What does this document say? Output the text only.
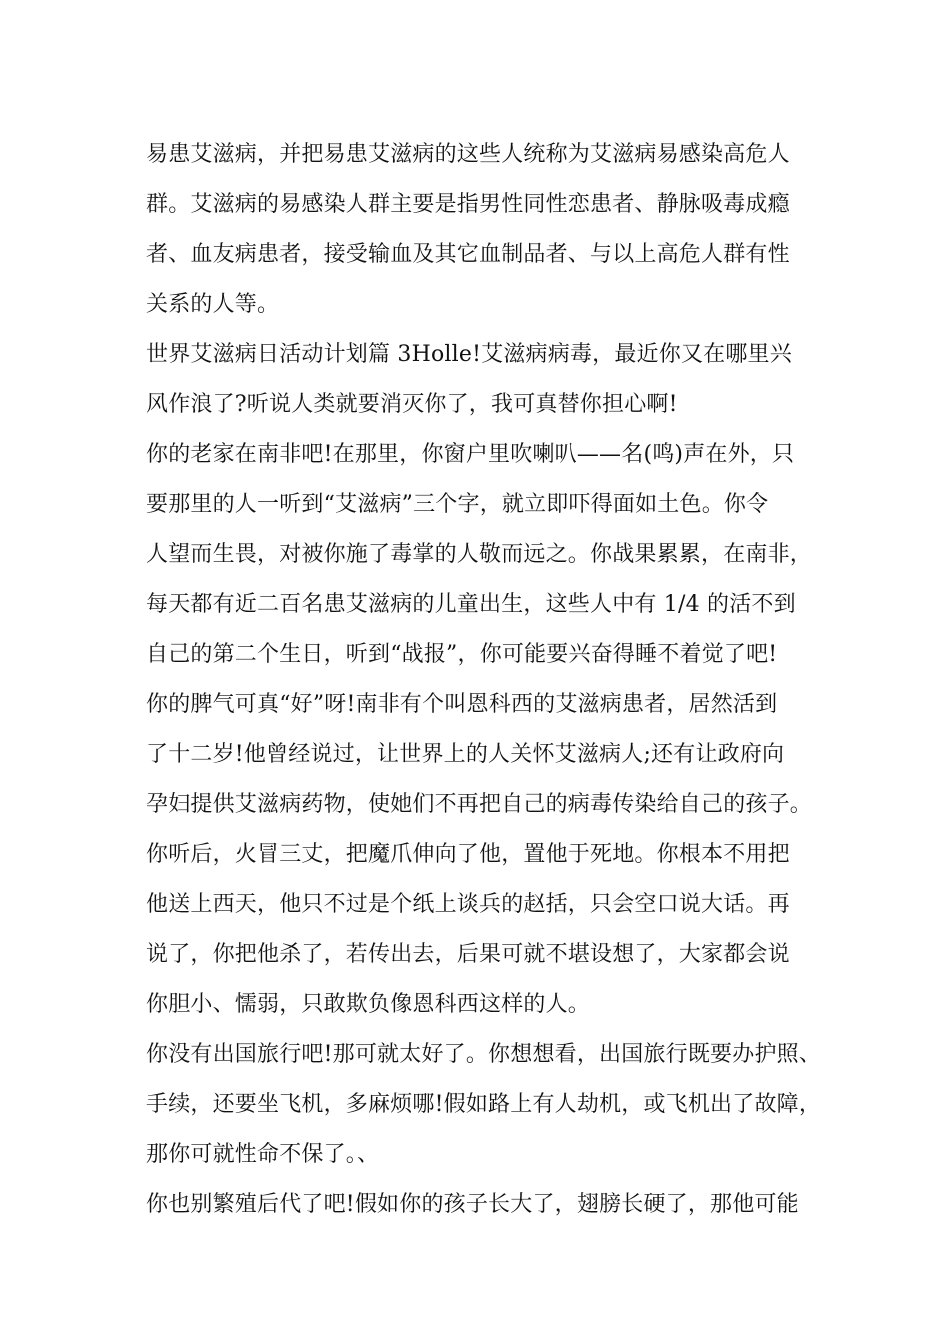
易患艾滋病，并把易患艾滋病的这些人统称为艾滋病易感染高危人
群。艾滋病的易感染人群主要是指男性同性恋患者、静脉吸毒成瘾
者、血友病患者，接受输血及其它血制品者、与以上高危人群有性
关系的人等。
世界艾滋病日活动计划篇 3Holle!艾滋病病毒，最近你又在哪里兴
风作浪了?听说人类就要消灭你了，我可真替你担心啊!
你的老家在南非吧!在那里，你窗户里吹喇叭——名(鸣)声在外，只
要那里的人一听到“艾滋病”三个字，就立即吓得面如土色。你令
人望而生畏，对被你施了毒掌的人敬而远之。你战果累累，在南非，
每天都有近二百名患艾滋病的儿童出生，这些人中有 1/4 的活不到
自己的第二个生日，听到“战报”，你可能要兴奋得睡不着觉了吧!
你的脾气可真“好”呀!南非有个叫恩科西的艾滋病患者，居然活到
了十二岁!他曾经说过，让世界上的人关怀艾滋病人;还有让政府向
孕妇提供艾滋病药物，使她们不再把自己的病毒传染给自己的孩子。
你听后，火冒三丈，把魔爪伸向了他，置他于死地。你根本不用把
他送上西天，他只不过是个纸上谈兵的赵括，只会空口说大话。再
说了，你把他杀了，若传出去，后果可就不堪设想了，大家都会说
你胆小、懦弱，只敢欺负像恩科西这样的人。
你没有出国旅行吧!那可就太好了。你想想看，出国旅行既要办护照、
手续，还要坐飞机，多麻烦哪!假如路上有人劫机，或飞机出了故障，
那你可就性命不保了。、
你也别繁殖后代了吧!假如你的孩子长大了，翅膀长硬了，那他可能
